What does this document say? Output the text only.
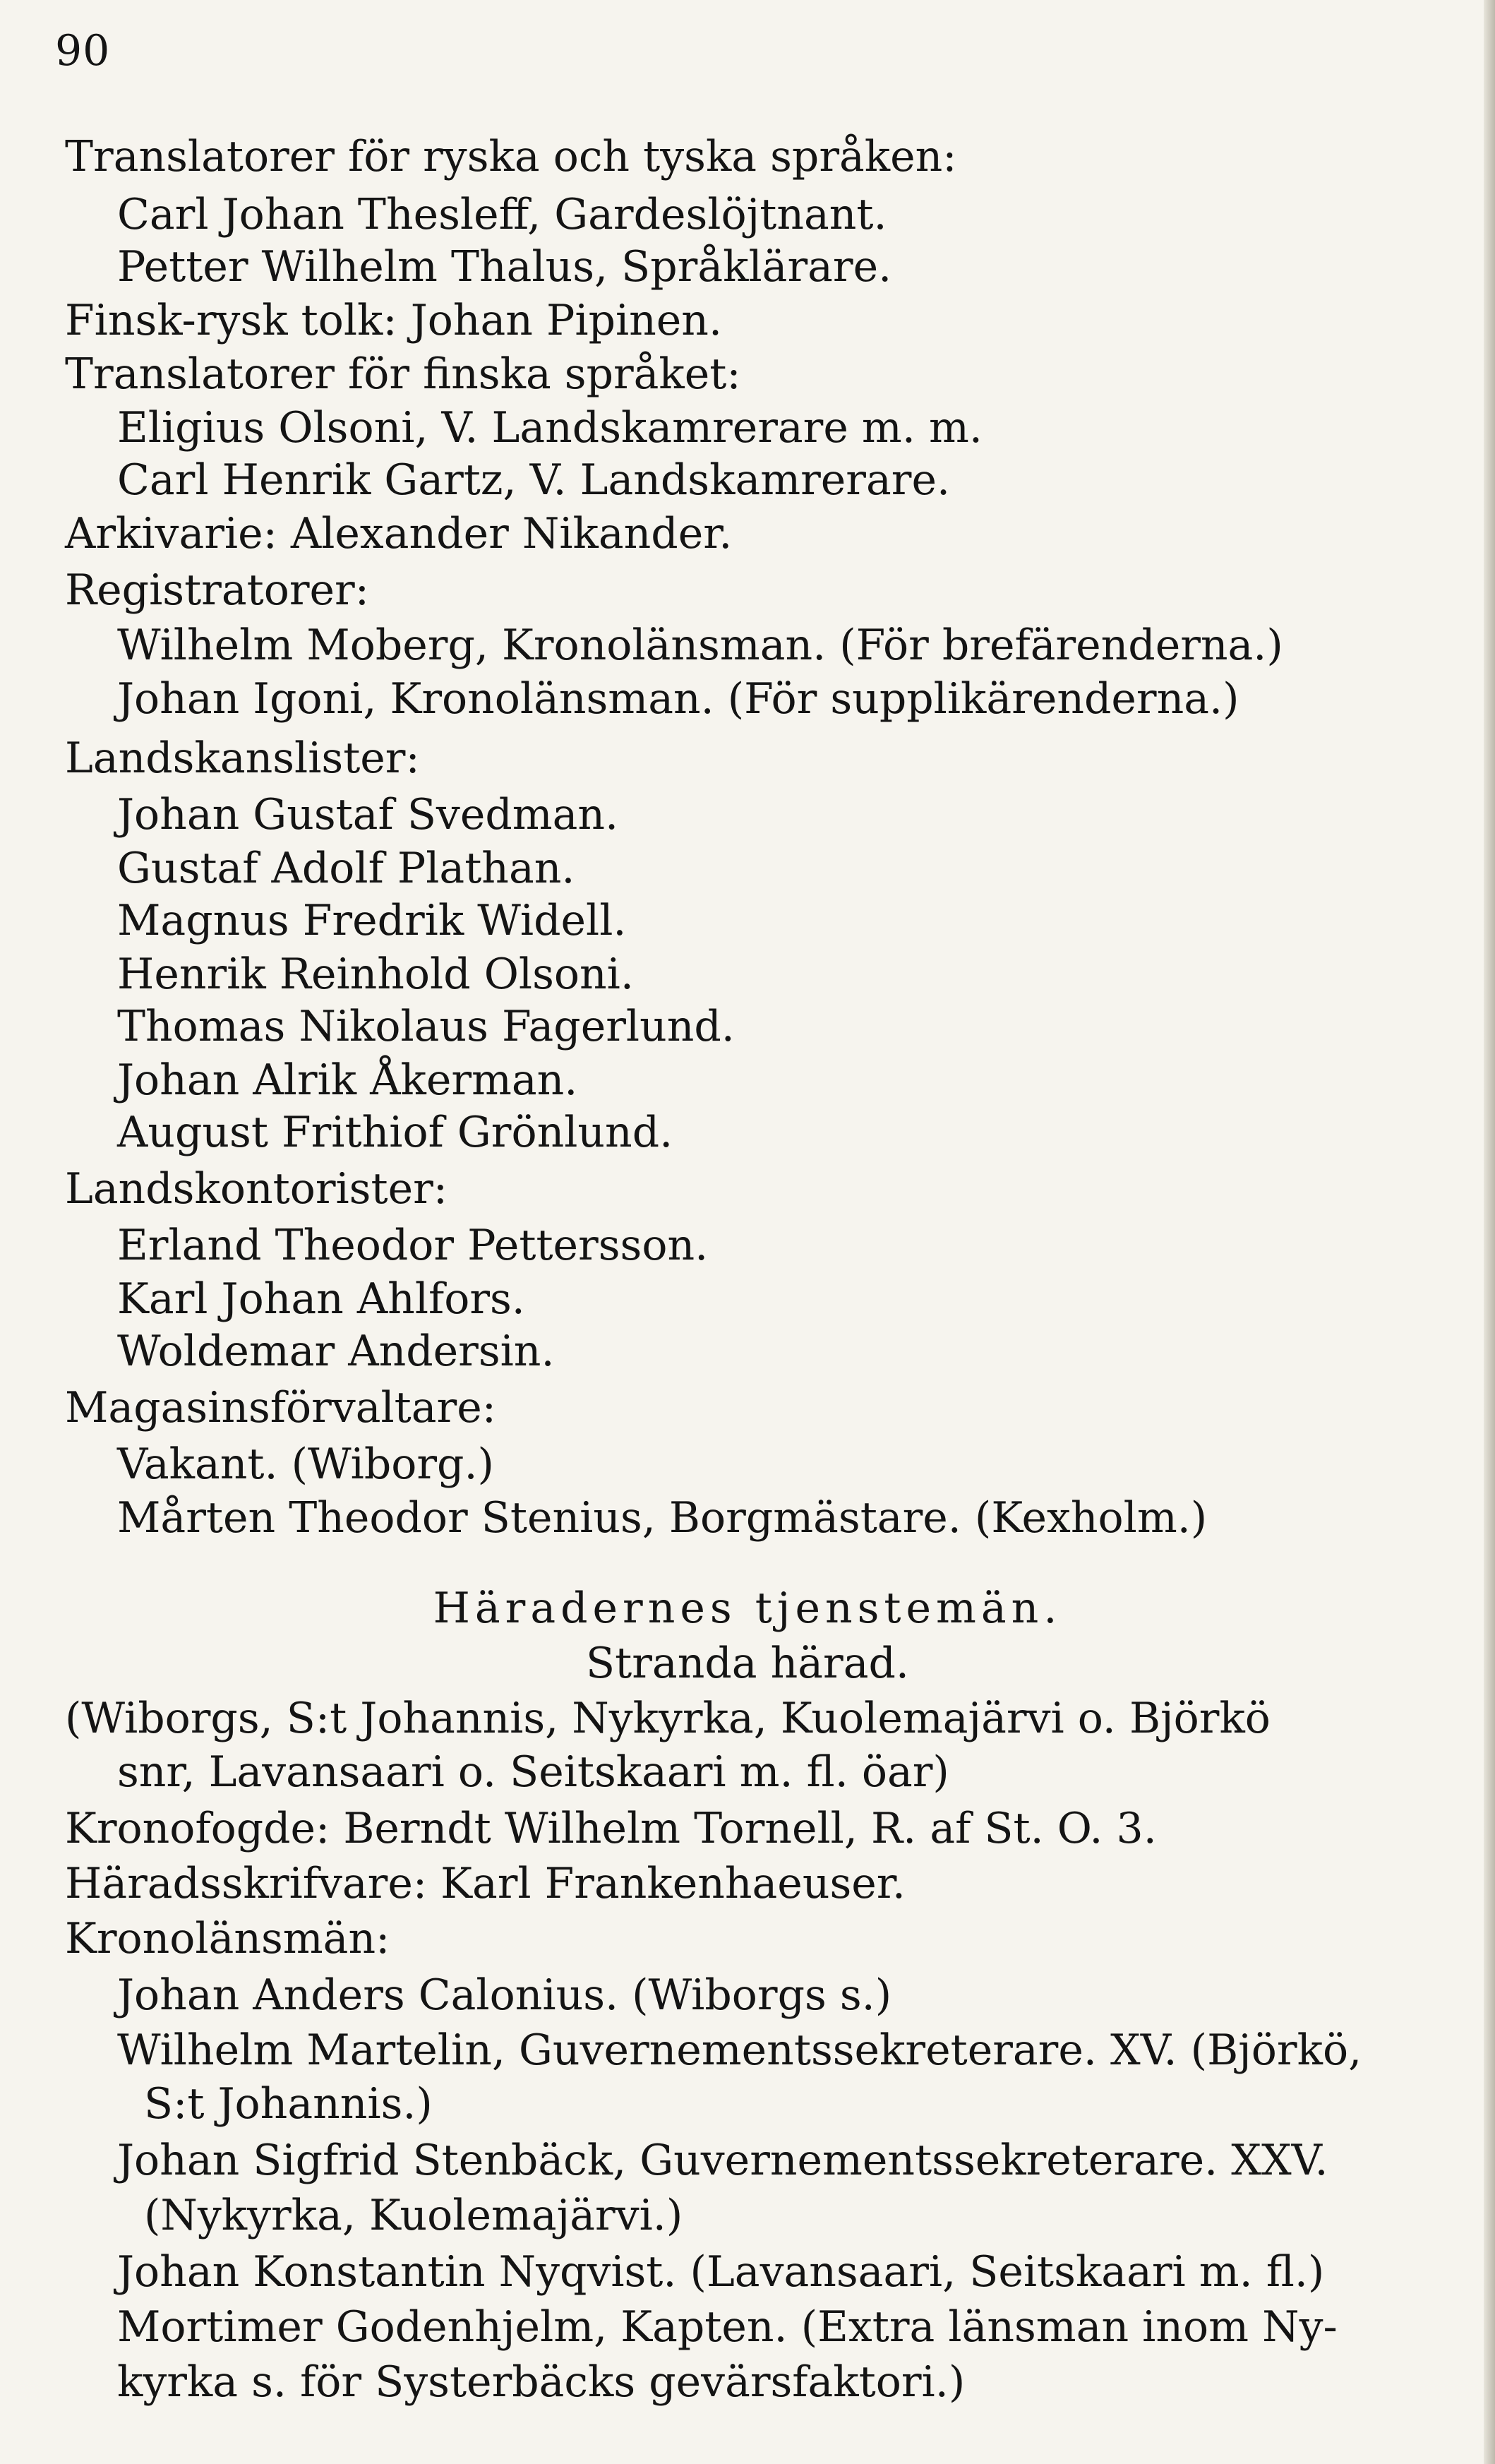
90
Translatorer för ryska och tyska språken:
Carl Johan Thesleff, Gardeslöjtnant.
Petter Wilhelm Thalus, Språklärare.
Finsk-rysk tolk: Johan Pipinen.
Translatorer för finska språket:
Eligius Olsoni, V. Landskamrerare m. m.
Carl Henrik Gartz, V. Landskamrerare.
Arkivarie: Alexander Nikander.
Registratorer:
Wilhelm Moberg, Kronolänsman. (För brefärenderna.)
Johan Igoni, Kronolänsman. (För supplikärenderna.)
Landskanslister:
Johan Gustaf Svedman.
Gustaf Adolf Plathan.
Magnus Fredrik Widell.
Henrik Reinhold Olsoni.
Thomas Nikolaus Fagerlund.
Johan Alrik Åkerman.
August Frithiof Grönlund.
Landskontorister:
Erland Theodor Pettersson.
Karl Johan Ahlfors.
Woldemar Andersin.
Magasinsförvaltare:
Vakant. (Wiborg.)
Mårten Theodor Stenius, Borgmästare. (Kexholm.)
Häradernes tjenstemän.
Stranda härad.
(Wiborgs, S:t Johannis, Nykyrka, Kuolemajärvi o. Björkö
snr, Lavansaari o. Seitskaari m. fl. öar)
Kronofogde: Berndt Wilhelm Tornell, R. af St. O. 3.
Häradsskrifvare: Karl Frankenhaeuser.
Kronolänsmän:
Johan Anders Calonius. (Wiborgs s.)
Wilhelm Martelin, Guvernementssekreterare. XV. (Björkö,
S:t Johannis.)
Johan Sigfrid Stenbäck, Guvernementssekreterare. XXV.
(Nykyrka, Kuolemajärvi.)
Johan Konstantin Nyqvist. (Lavansaari, Seitskaari m. fl.)
Mortimer Godenhjelm, Kapten. (Extra länsman inom Ny-
kyrka s. för Systerbäcks gevärsfaktori.)
